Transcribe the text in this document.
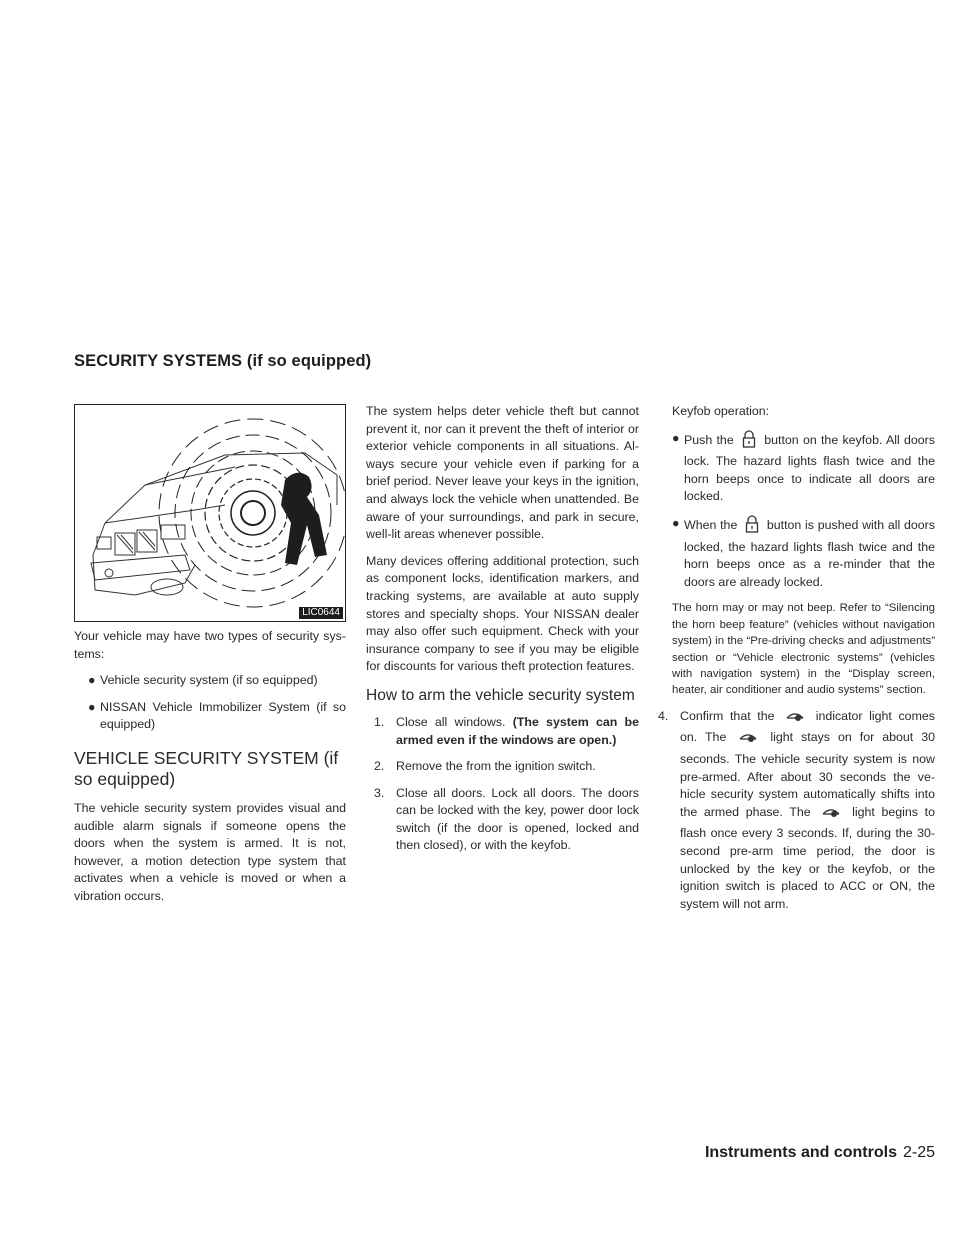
SECURITY SYSTEMS (if so equipped)
LIC0644

Your vehicle may have two types of security sys-tems:

● Vehicle security system (if so equipped)
● NISSAN Vehicle Immobilizer System (if so equipped)
VEHICLE SECURITY SYSTEM (if so equipped)

The vehicle security system provides visual and audible alarm signals if someone opens the doors when the system is armed. It is not, however, a motion detection type system that activates when a vehicle is moved or when a vibration occurs.

The system helps deter vehicle theft but cannot prevent it, nor can it prevent the theft of interior or exterior vehicle components in all situations. Al-ways secure your vehicle even if parking for a brief period. Never leave your keys in the ignition, and always lock the vehicle when unattended. Be aware of your surroundings, and park in secure, well-lit areas whenever possible.

Many devices offering additional protection, such as component locks, identification markers, and tracking systems, are available at auto supply stores and specialty shops. Your NISSAN dealer may also offer such equipment. Check with your insurance company to see if you may be eligible for discounts for various theft protection features.

How to arm the vehicle security system
1. Close all windows. (The system can be armed even if the windows are open.)
2. Remove the from the ignition switch.
3. Close all doors. Lock all doors. The doors can be locked with the key, power door lock switch (if the door is opened, locked and then closed), or with the keyfob.

Keyfob operation:

● Push the button on the keyfob. All doors lock. The hazard lights flash twice and the horn beeps once to indicate all doors are locked.
● When the button is pushed with all doors locked, the hazard lights flash twice and the horn beeps once as a re-minder that the doors are already locked.

The horn may or may not beep. Refer to “Silencing the horn beep feature” (vehicles without navigation system) in the “Pre-driving checks and adjustments” section or “Vehicle electronic systems” (vehicles with navigation system) in the “Display screen, heater, air conditioner and audio systems” section.

4. Confirm that the	indicator light comes on. The	light stays on for about 30 seconds. The vehicle security system is now pre-armed. After about 30 seconds the ve-hicle security system automatically shifts into the armed phase. The	light begins to flash once every 3 seconds. If, during the 30-second pre-arm time period, the door is unlocked by the key or the keyfob, or the ignition switch is placed to ACC or ON, the system will not arm.
Instruments and controls 2-25
